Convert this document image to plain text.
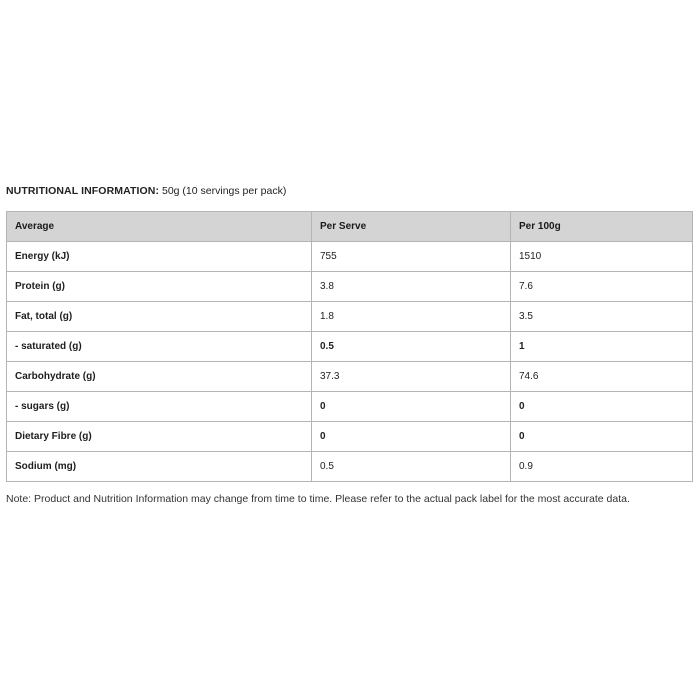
NUTRITIONAL INFORMATION: 50g (10 servings per pack)
Average	Per Serve	Per 100g
Energy (kJ)	755	1510
Protein (g)	3.8	7.6
Fat, total (g)	1.8	3.5
- saturated (g)	0.5	1
Carbohydrate (g)	37.3	74.6
- sugars (g)	0	0
Dietary Fibre (g)	0	0
Sodium (mg)	0.5	0.9

Note: Product and Nutrition Information may change from time to time. Please refer to the actual pack label for the most accurate data.
